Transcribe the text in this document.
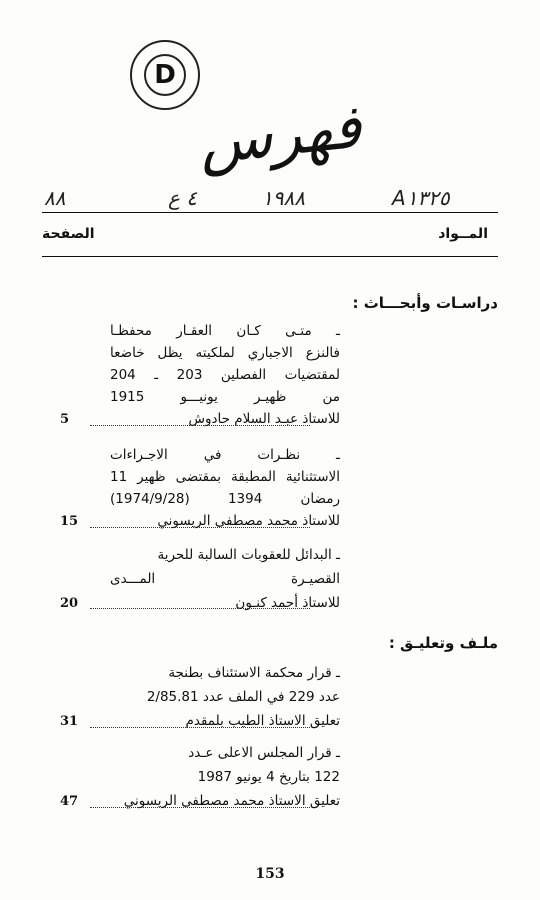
D
فهرس
A١٣٢٥
١٩٨٨
٤ ع
٨٨
المــواد
الصفحة
دراسـات وأبحـــاث :
ـ متـى كـان العقـار محفظـا
فالنزع الاجباري لملكيته يظل خاضعا
لمقتضيات الفصلين 203 ـ 204
من ظهيـر يونيـــو 1915
للاستاذ عبـد السلام حادوش
5
ـ نظـرات في الاجـراءات
الاستثنائية المطبقة بمقتضى ظهير 11
رمضان 1394 (1974/9/28)
للاستاذ محمد مصطفى الريسوني
15
ـ البدائل للعقوبات السالبة للحرية
القصيـرة المـــدى
للاستاذ أحمد كنـون
20
ملـف وتعليـق :
ـ قرار محكمة الاستئناف بطنجة
عدد 229 في الملف عدد 2/85.81
تعليق الاستاذ الطيب بلمقدم
31
ـ قرار المجلس الاعلى عـدد
122 بتاريخ 4 يونيو 1987
تعليق الاستاذ محمد مصطفى الريسوني
47
153
